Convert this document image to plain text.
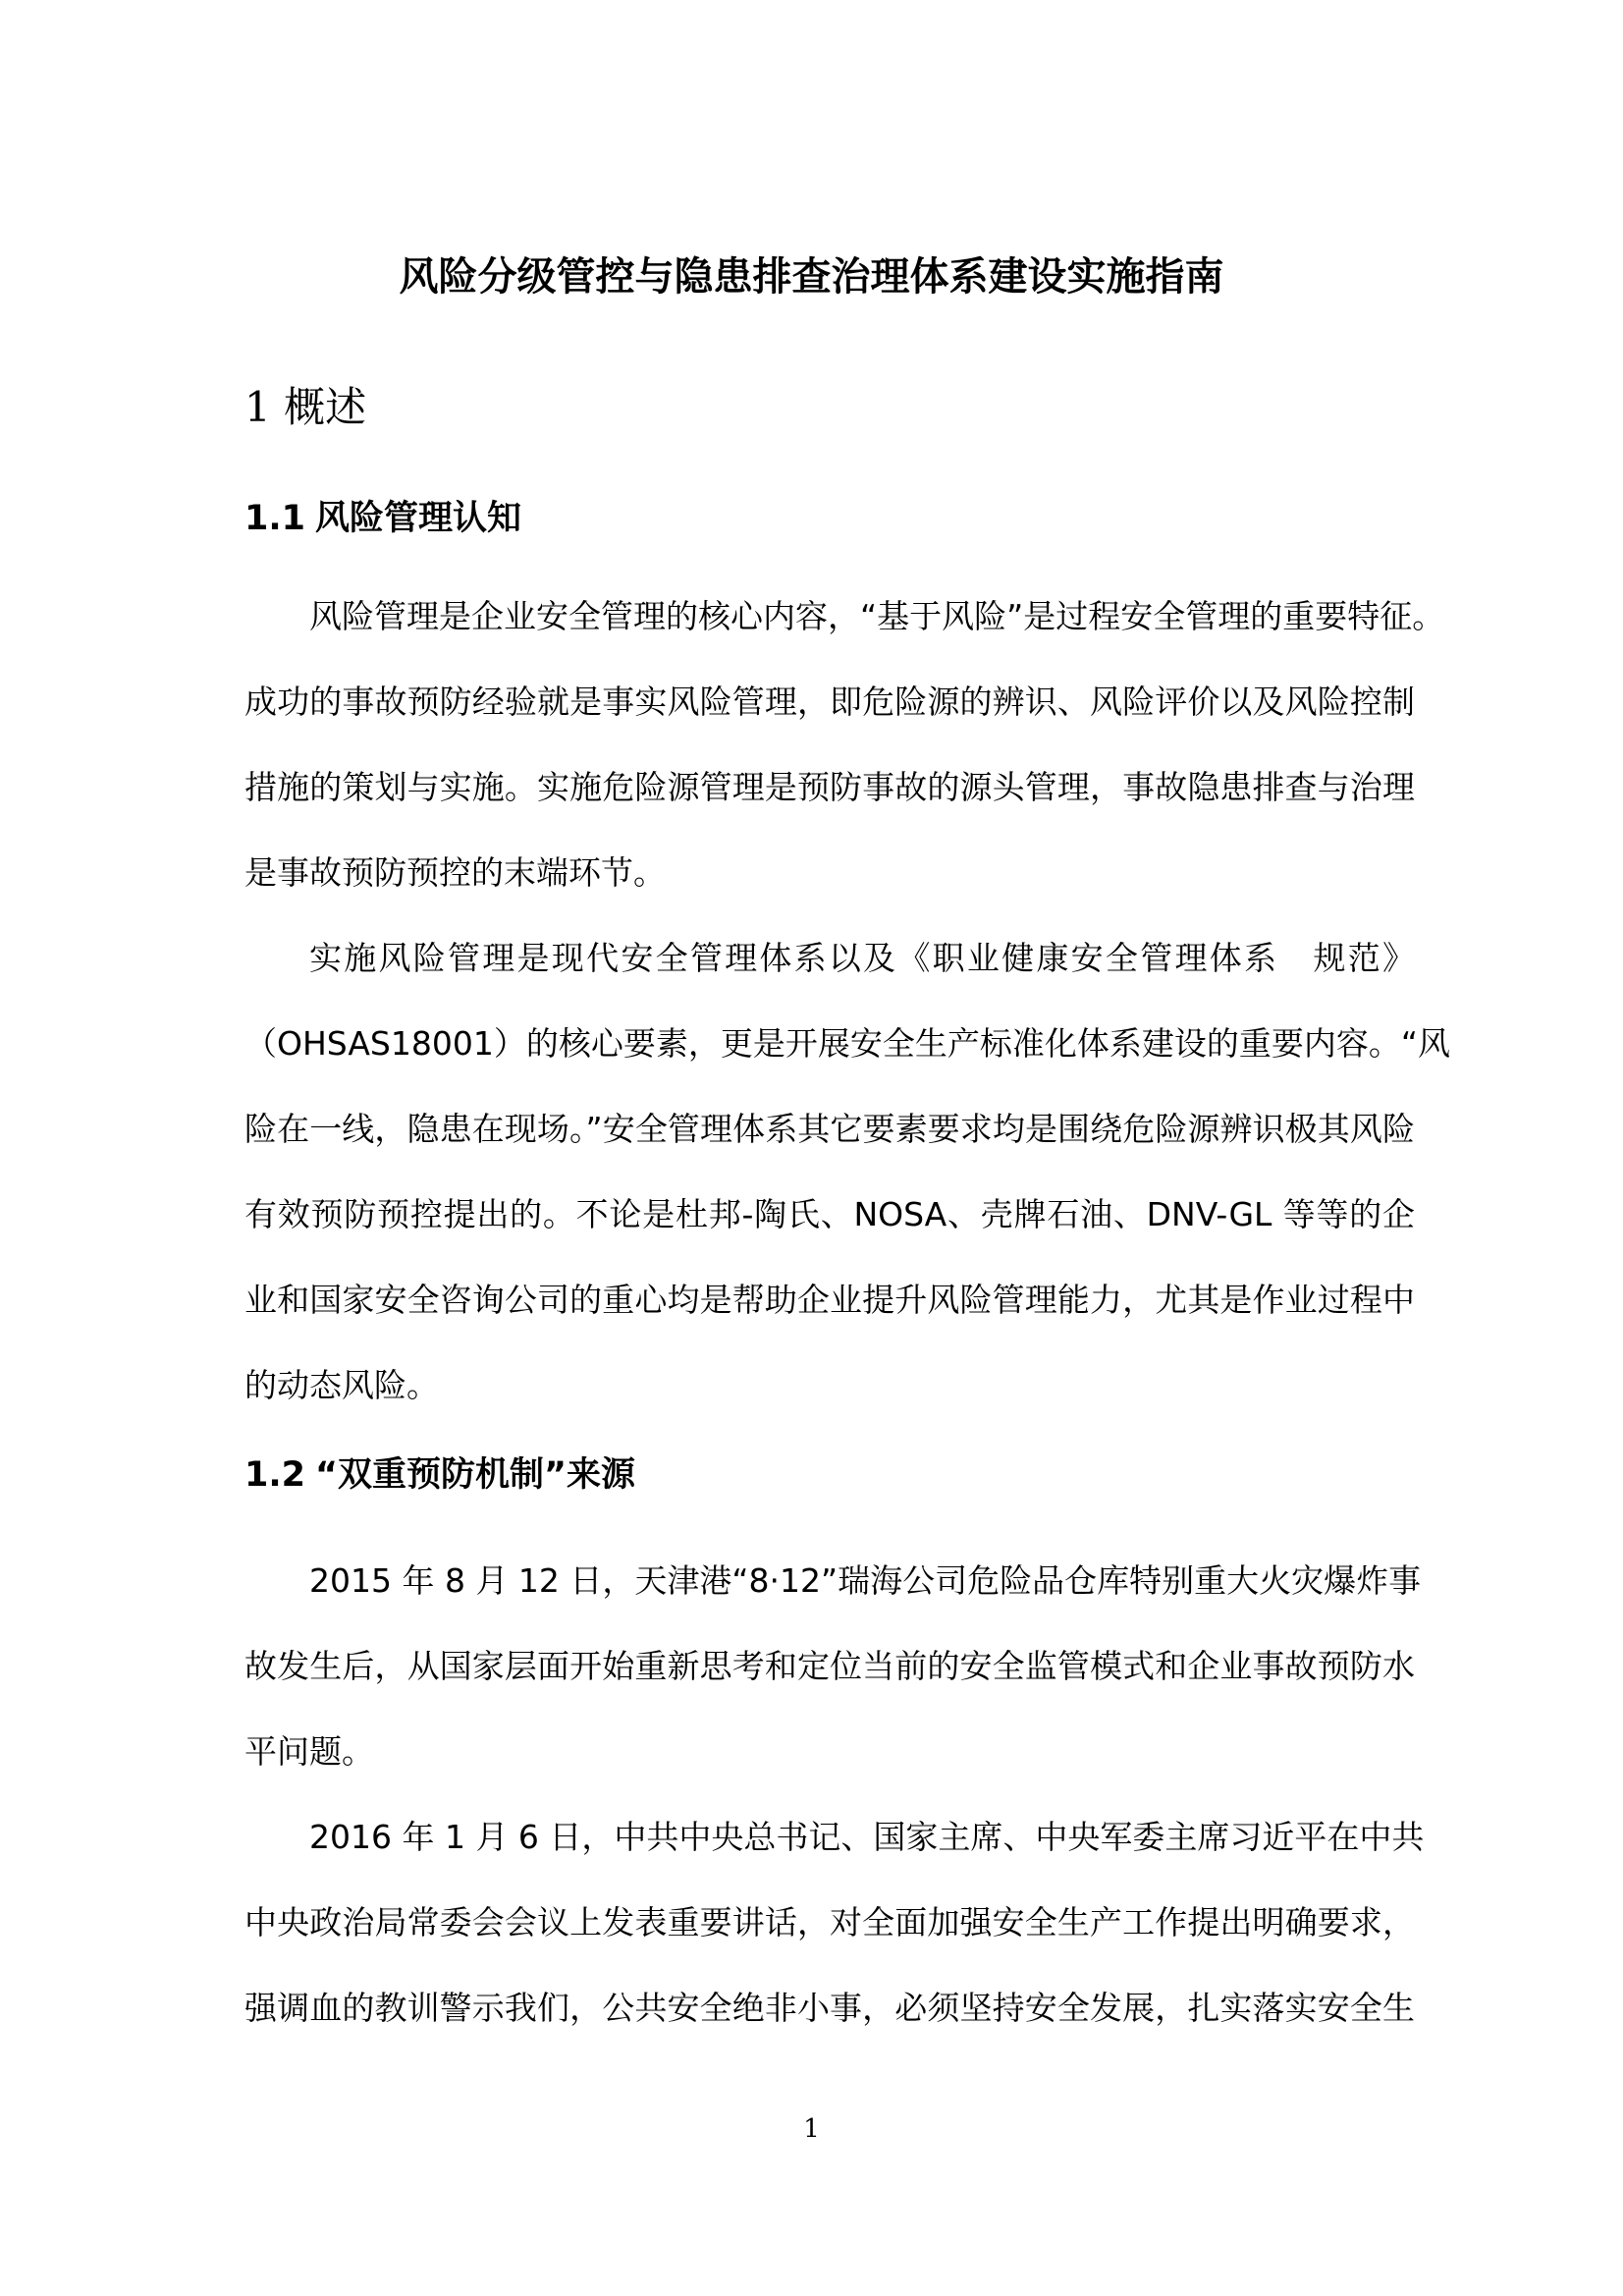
风险分级管控与隐患排查治理体系建设实施指南
1 概述
1.1 风险管理认知
风险管理是企业安全管理的核心内容，“基于风险”是过程安全管理的重要特征。
成功的事故预防经验就是事实风险管理，即危险源的辨识、风险评价以及风险控制
措施的策划与实施。实施危险源管理是预防事故的源头管理，事故隐患排查与治理
是事故预防预控的末端环节。
实施风险管理是现代安全管理体系以及《职业健康安全管理体系　规范》
（OHSAS18001）的核心要素，更是开展安全生产标准化体系建设的重要内容。“风
险在一线，隐患在现场。”安全管理体系其它要素要求均是围绕危险源辨识极其风险
有效预防预控提出的。不论是杜邦-陶氏、NOSA、壳牌石油、DNV-GL 等等的企
业和国家安全咨询公司的重心均是帮助企业提升风险管理能力，尤其是作业过程中
的动态风险。
1.2 “双重预防机制”来源
2015 年 8 月 12 日，天津港“8·12”瑞海公司危险品仓库特别重大火灾爆炸事
故发生后，从国家层面开始重新思考和定位当前的安全监管模式和企业事故预防水
平问题。
2016 年 1 月 6 日，中共中央总书记、国家主席、中央军委主席习近平在中共
中央政治局常委会会议上发表重要讲话，对全面加强安全生产工作提出明确要求，
强调血的教训警示我们，公共安全绝非小事，必须坚持安全发展，扎实落实安全生
1
